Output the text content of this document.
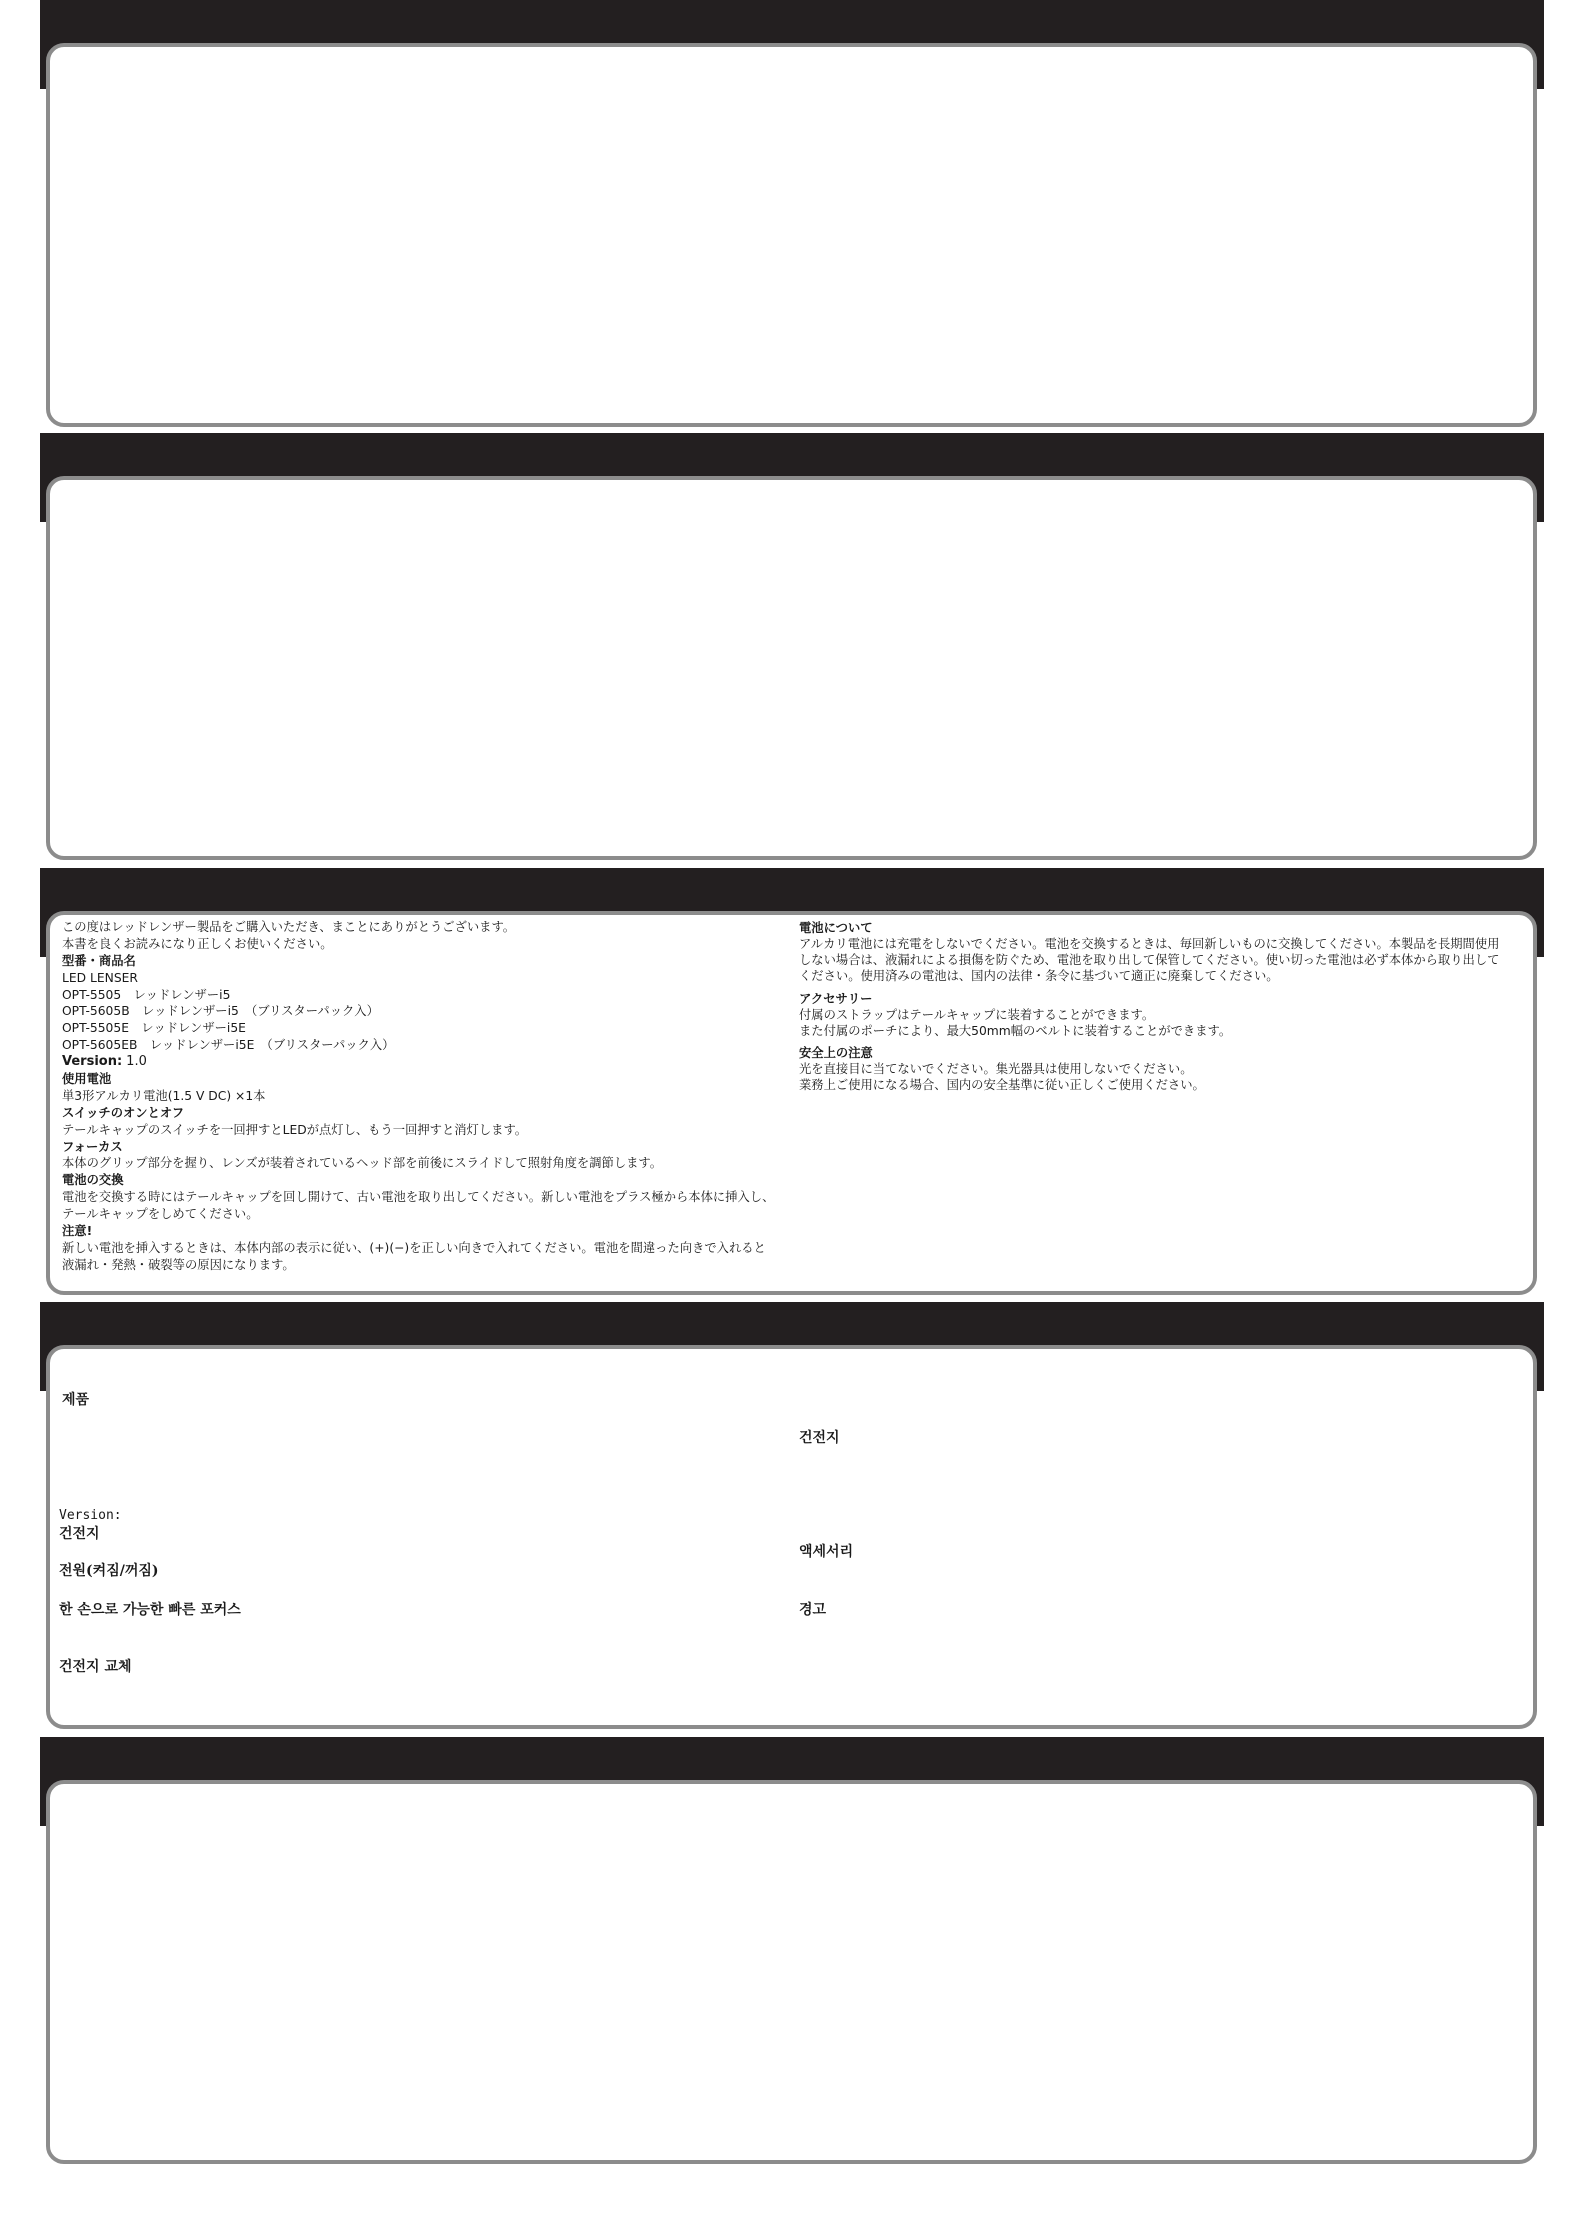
この度はレッドレンザー製品をご購入いただき、まことにありがとうございます。
本書を良くお読みになり正しくお使いください。
型番・商品名
LED LENSER
OPT-5505　レッドレンザーi5
OPT-5605B　レッドレンザーi5　（ブリスターパック入）
OPT-5505E　レッドレンザーi5E
OPT-5605EB　レッドレンザーi5E　（ブリスターパック入）
Version: 1.0
使用電池
単3形アルカリ電池(1.5 V DC) ×1本
スイッチのオンとオフ
テールキャップのスイッチを一回押すとLEDが点灯し、もう一回押すと消灯します。
フォーカス
本体のグリップ部分を握り、レンズが装着されているヘッド部を前後にスライドして照射角度を調節します。
電池の交換
電池を交換する時にはテールキャップを回し開けて、古い電池を取り出してください。新しい電池をプラス極から本体に挿入し、
テールキャップをしめてください。
注意!
新しい電池を挿入するときは、本体内部の表示に従い、(+)(−)を正しい向きで入れてください。電池を間違った向きで入れると
液漏れ・発熱・破裂等の原因になります。
電池について
アルカリ電池には充電をしないでください。電池を交換するときは、毎回新しいものに交換してください。本製品を長期間使用
しない場合は、液漏れによる損傷を防ぐため、電池を取り出して保管してください。使い切った電池は必ず本体から取り出して
ください。使用済みの電池は、国内の法律・条令に基づいて適正に廃棄してください。
アクセサリー
付属のストラップはテールキャップに装着することができます。
また付属のポーチにより、最大50mm幅のベルトに装着することができます。
安全上の注意
光を直接目に当てないでください。集光器具は使用しないでください。
業務上ご使用になる場合、国内の安全基準に従い正しくご使用ください。
제품
건전지
Version:
건전지
액세서리
전원(켜짐/꺼짐)
한 손으로 가능한 빠른 포커스	경고
건전지 교체
